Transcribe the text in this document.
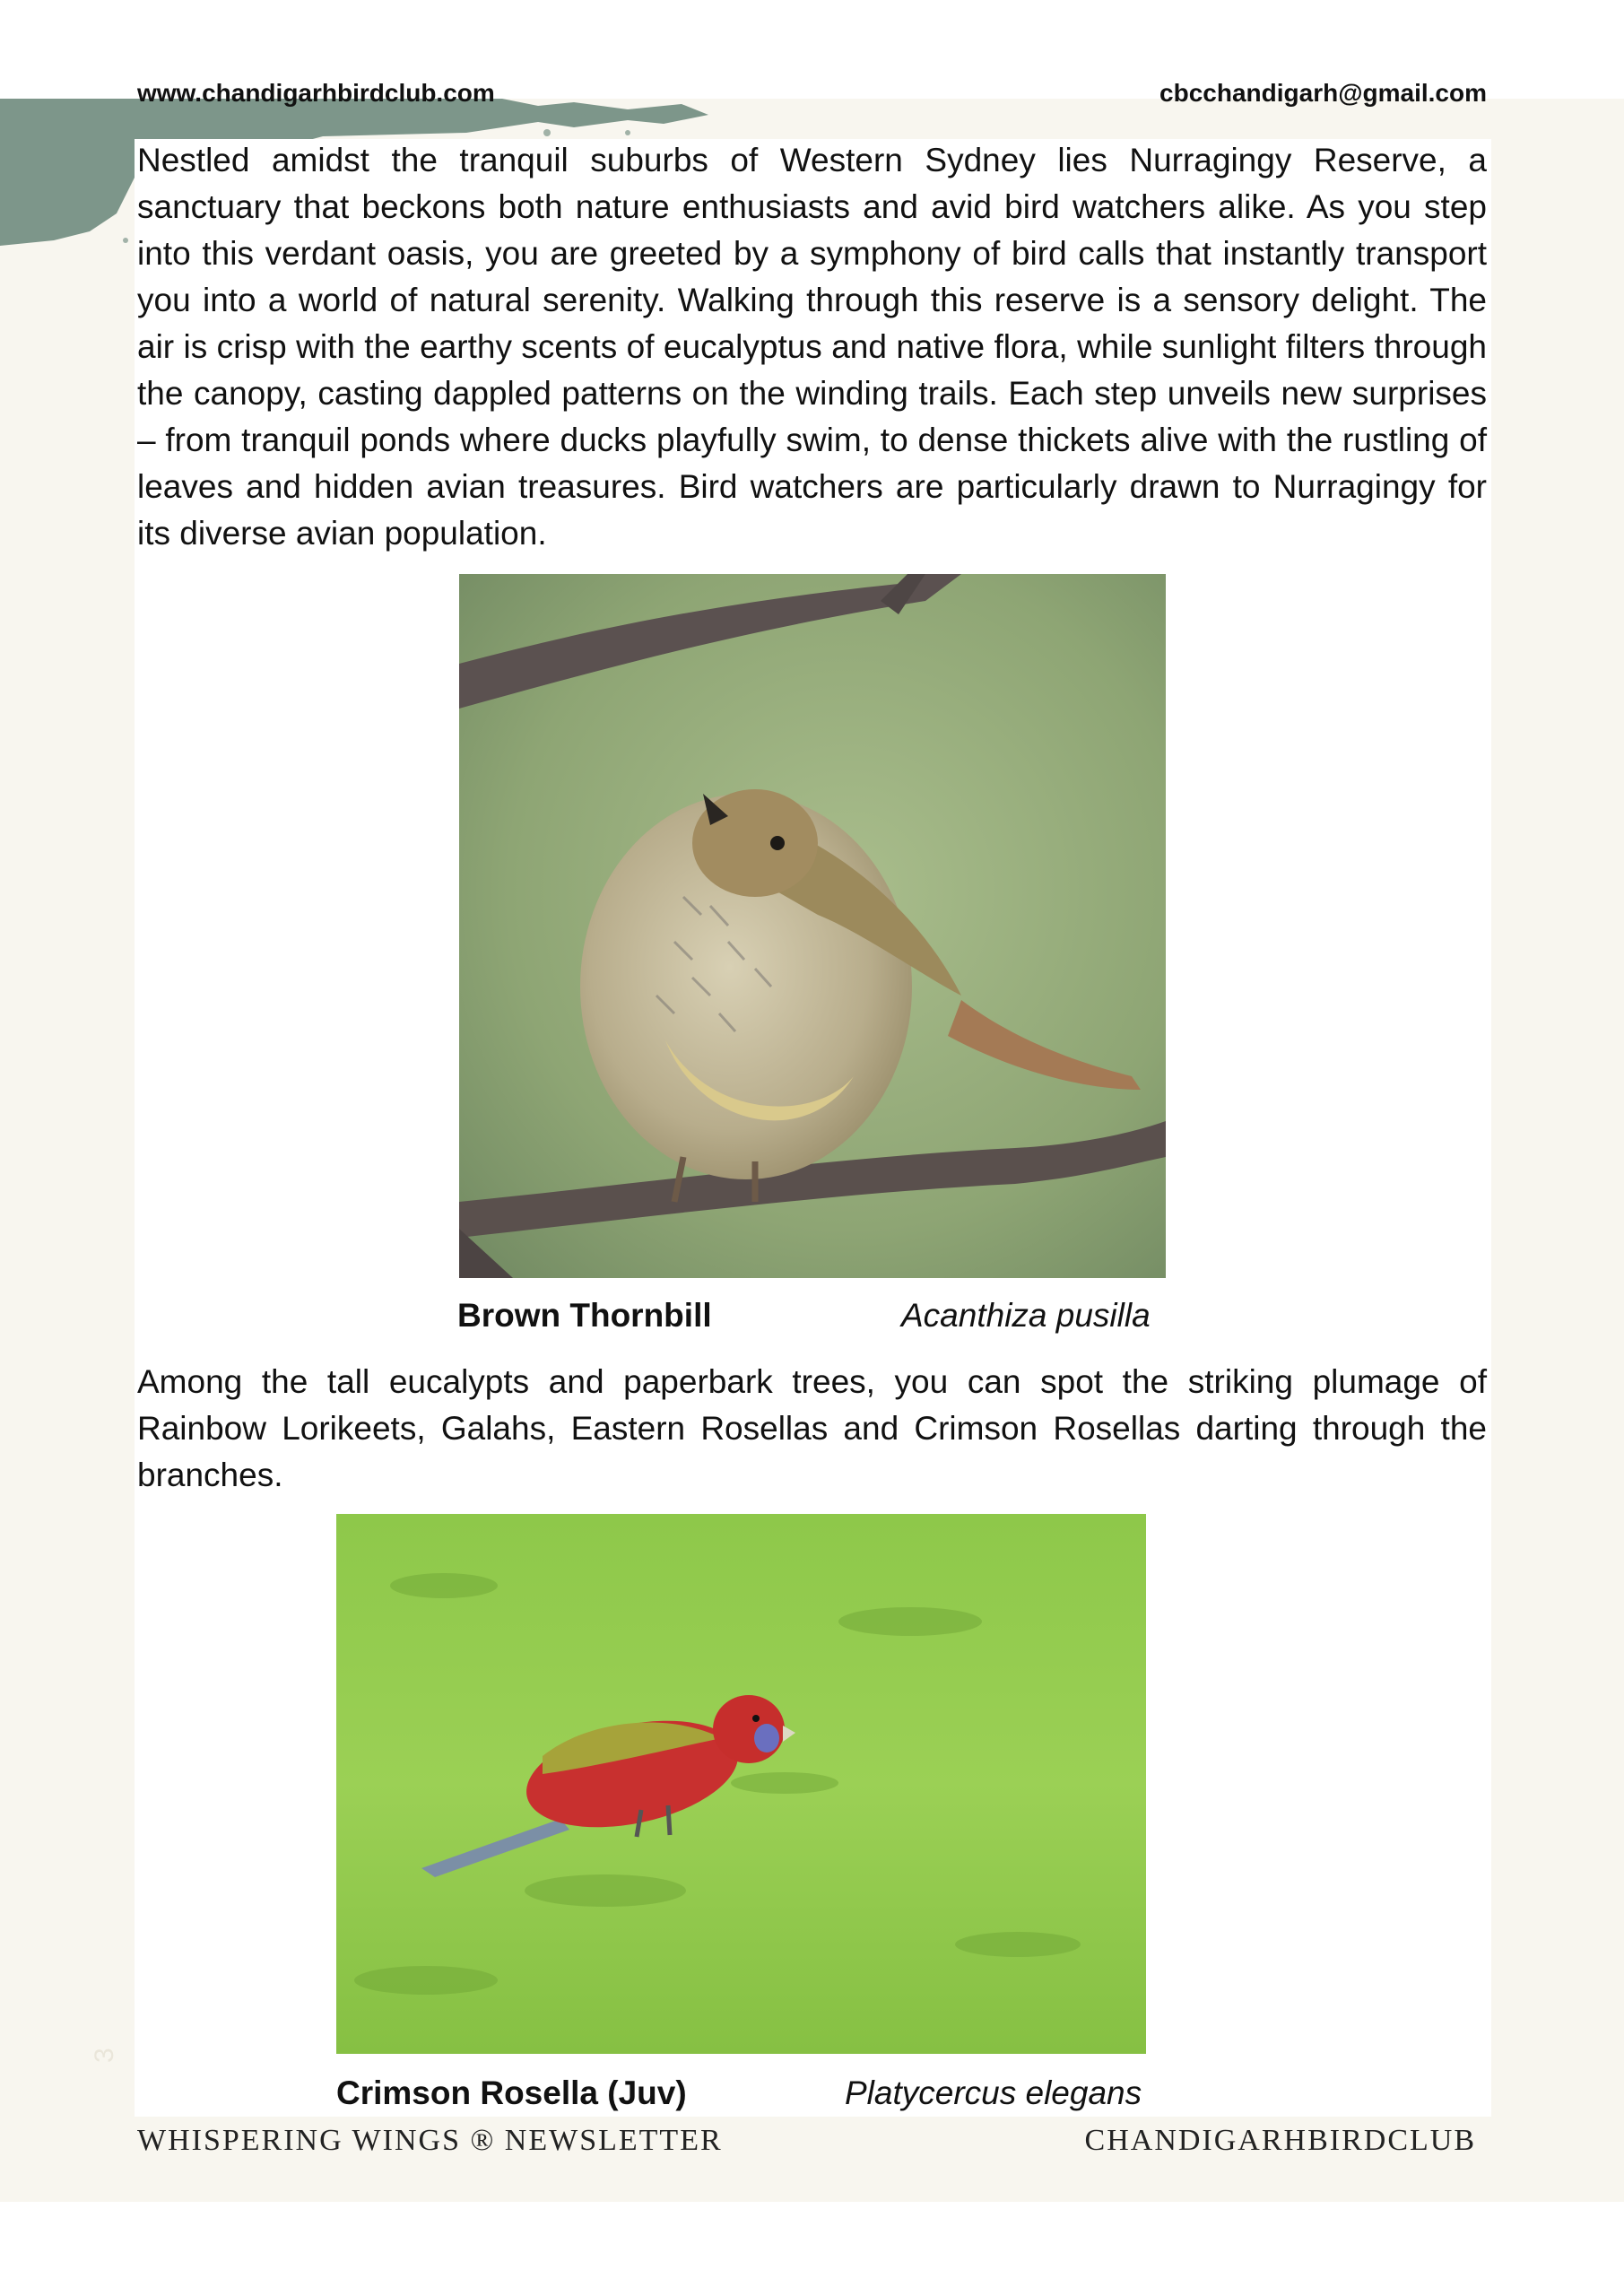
www.chandigarhbirdclub.com	cbcchandigarh@gmail.com

Nestled amidst the tranquil suburbs of Western Sydney lies Nurragingy Reserve, a sanctuary that beckons both nature enthusiasts and avid bird watchers alike. As you step into this verdant oasis, you are greeted by a symphony of bird calls that instantly transport you into a world of natural serenity. Walking through this reserve is a sensory delight. The air is crisp with the earthy scents of eucalyptus and native flora, while sunlight filters through the canopy, casting dappled patterns on the winding trails. Each step unveils new surprises – from tranquil ponds where ducks playfully swim, to dense thickets alive with the rustling of leaves and hidden avian treasures. Bird watchers are particularly drawn to Nurragingy for its diverse avian population.

Brown Thornbill	Acanthiza pusilla

Among the tall eucalypts and paperbark trees, you can spot the striking plumage of Rainbow Lorikeets, Galahs, Eastern Rosellas and Crimson Rosellas darting through the branches.

Crimson Rosella (Juv)	Platycercus elegans
3
WHISPERING WINGS ® NEWSLETTER	CHANDIGARHBIRDCLUB
